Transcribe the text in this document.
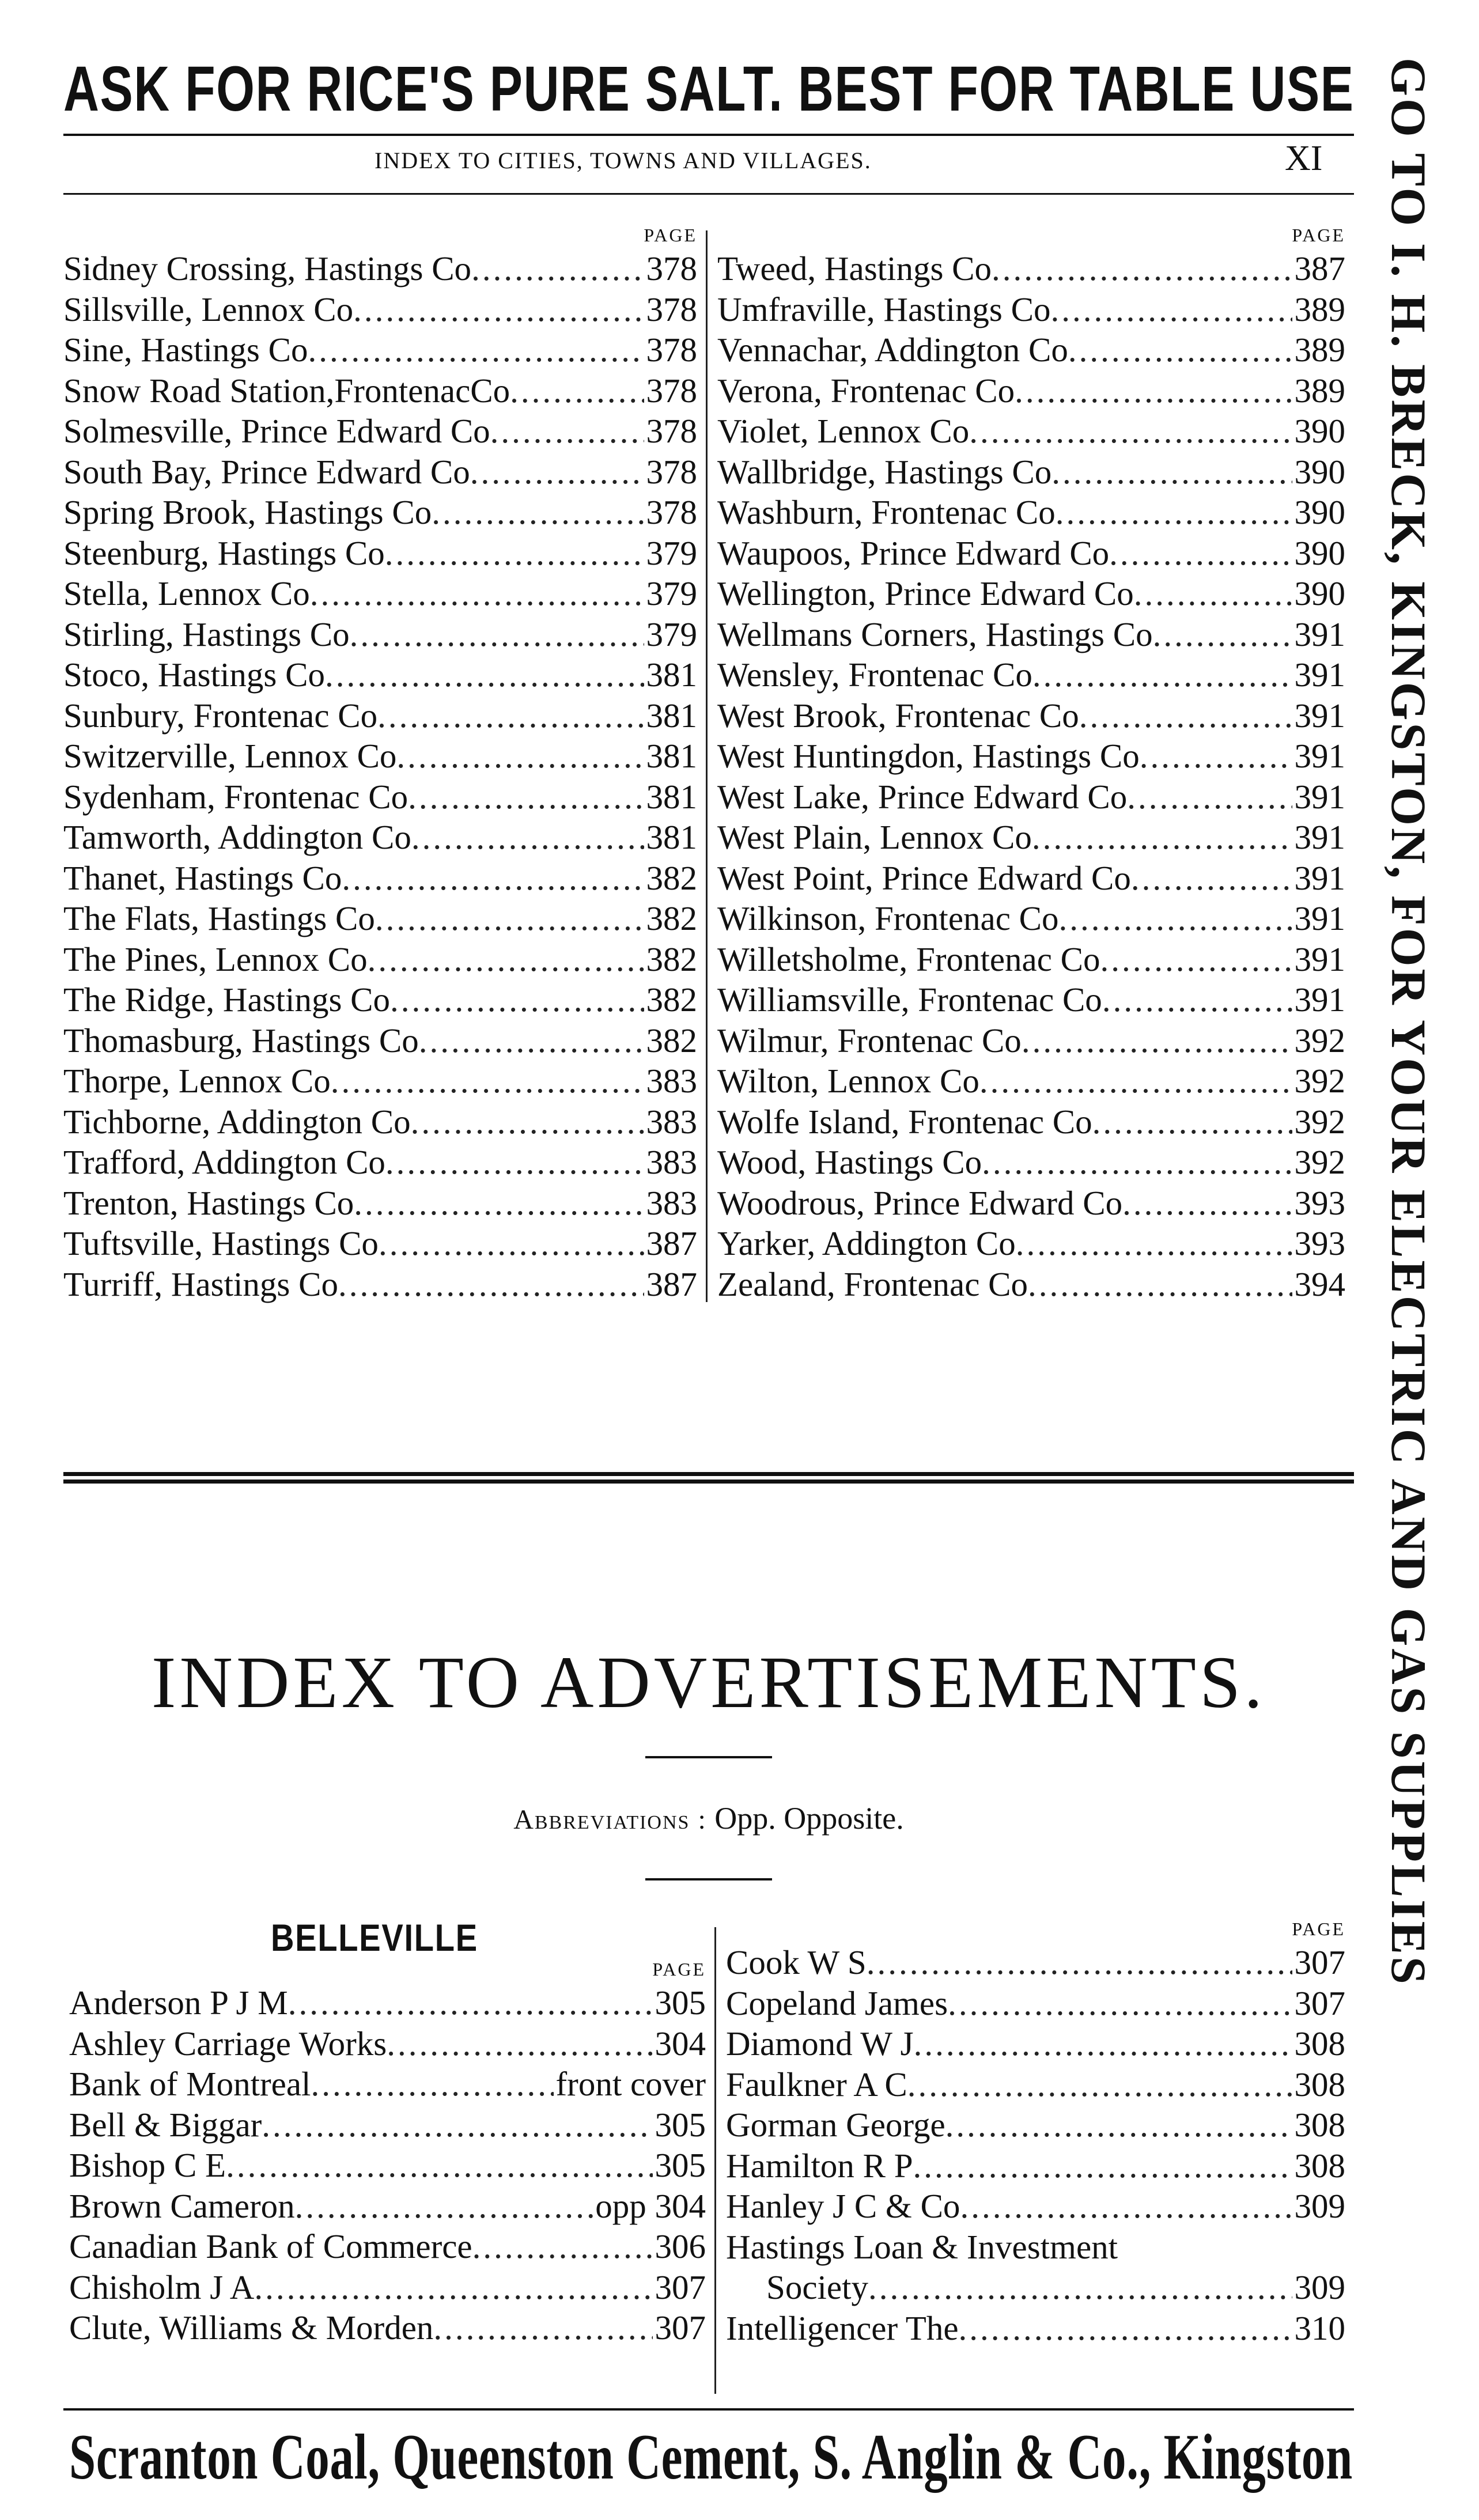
ASK FOR RICE'S PURE SALT. BEST FOR TABLE USE
INDEX TO CITIES, TOWNS AND VILLAGES.	XI GO TO I. H. BRECK, KINGSTON, FOR YOUR ELECTRIC AND GAS SUPPLIES
PAGE
Sidney Crossing, Hastings Co .....	378
Sillsville, Lennox Co .....	378
Sine, Hastings Co .....	378
Snow Road Station,FrontenacCo .....	378
Solmesville, Prince Edward Co .....	378
South Bay, Prince Edward Co .....	378
Spring Brook, Hastings Co .....	378
Steenburg, Hastings Co .....	379
Stella, Lennox Co .....	379
Stirling, Hastings Co .....	379
Stoco, Hastings Co .....	381
Sunbury, Frontenac Co .....	381
Switzerville, Lennox Co .....	381
Sydenham, Frontenac Co .....	381
Tamworth, Addington Co .....	381
Thanet, Hastings Co .....	382
The Flats, Hastings Co .....	382
The Pines, Lennox Co .....	382
The Ridge, Hastings Co .....	382
Thomasburg, Hastings Co .....	382
Thorpe, Lennox Co .....	383
Tichborne, Addington Co .....	383
Trafford, Addington Co .....	383
Trenton, Hastings Co .....	383
Tuftsville, Hastings Co .....	387
Turriff, Hastings Co .....	387
PAGE
Tweed, Hastings Co .....	387
Umfraville, Hastings Co .....	389
Vennachar, Addington Co .....	389
Verona, Frontenac Co .....	389
Violet, Lennox Co .....	390
Wallbridge, Hastings Co .....	390
Washburn, Frontenac Co .....	390
Waupoos, Prince Edward Co .....	390
Wellington, Prince Edward Co .....	390
Wellmans Corners, Hastings Co .....	391
Wensley, Frontenac Co .....	391
West Brook, Frontenac Co .....	391
West Huntingdon, Hastings Co .....	391
West Lake, Prince Edward Co .....	391
West Plain, Lennox Co .....	391
West Point, Prince Edward Co .....	391
Wilkinson, Frontenac Co .....	391
Willetsholme, Frontenac Co .....	391
Williamsville, Frontenac Co .....	391
Wilmur, Frontenac Co .....	392
Wilton, Lennox Co .....	392
Wolfe Island, Frontenac Co .....	392
Wood, Hastings Co .....	392
Woodrous, Prince Edward Co .....	393
Yarker, Addington Co .....	393
Zealand, Frontenac Co .....	394
INDEX TO ADVERTISEMENTS.
Abbreviations : Opp. Opposite.
BELLEVILLE
PAGE
Anderson P J M .....	305
Ashley Carriage Works .....	304
Bank of Montreal .....	front cover
Bell & Biggar .....	305
Bishop C E .....	305
Brown Cameron .....	opp 304
Canadian Bank of Commerce .....	306
Chisholm J A .....	307
Clute, Williams & Morden .....	307
PAGE
Cook W S .....	307
Copeland James .....	307
Diamond W J .....	308
Faulkner A C .....	308
Gorman George .....	308
Hamilton R P .....	308
Hanley J C & Co .....	309
Hastings Loan & Investment
Society .....	309
Intelligencer The .....	310
Scranton Coal, Queenston Cement, S. Anglin & Co., Kingston
